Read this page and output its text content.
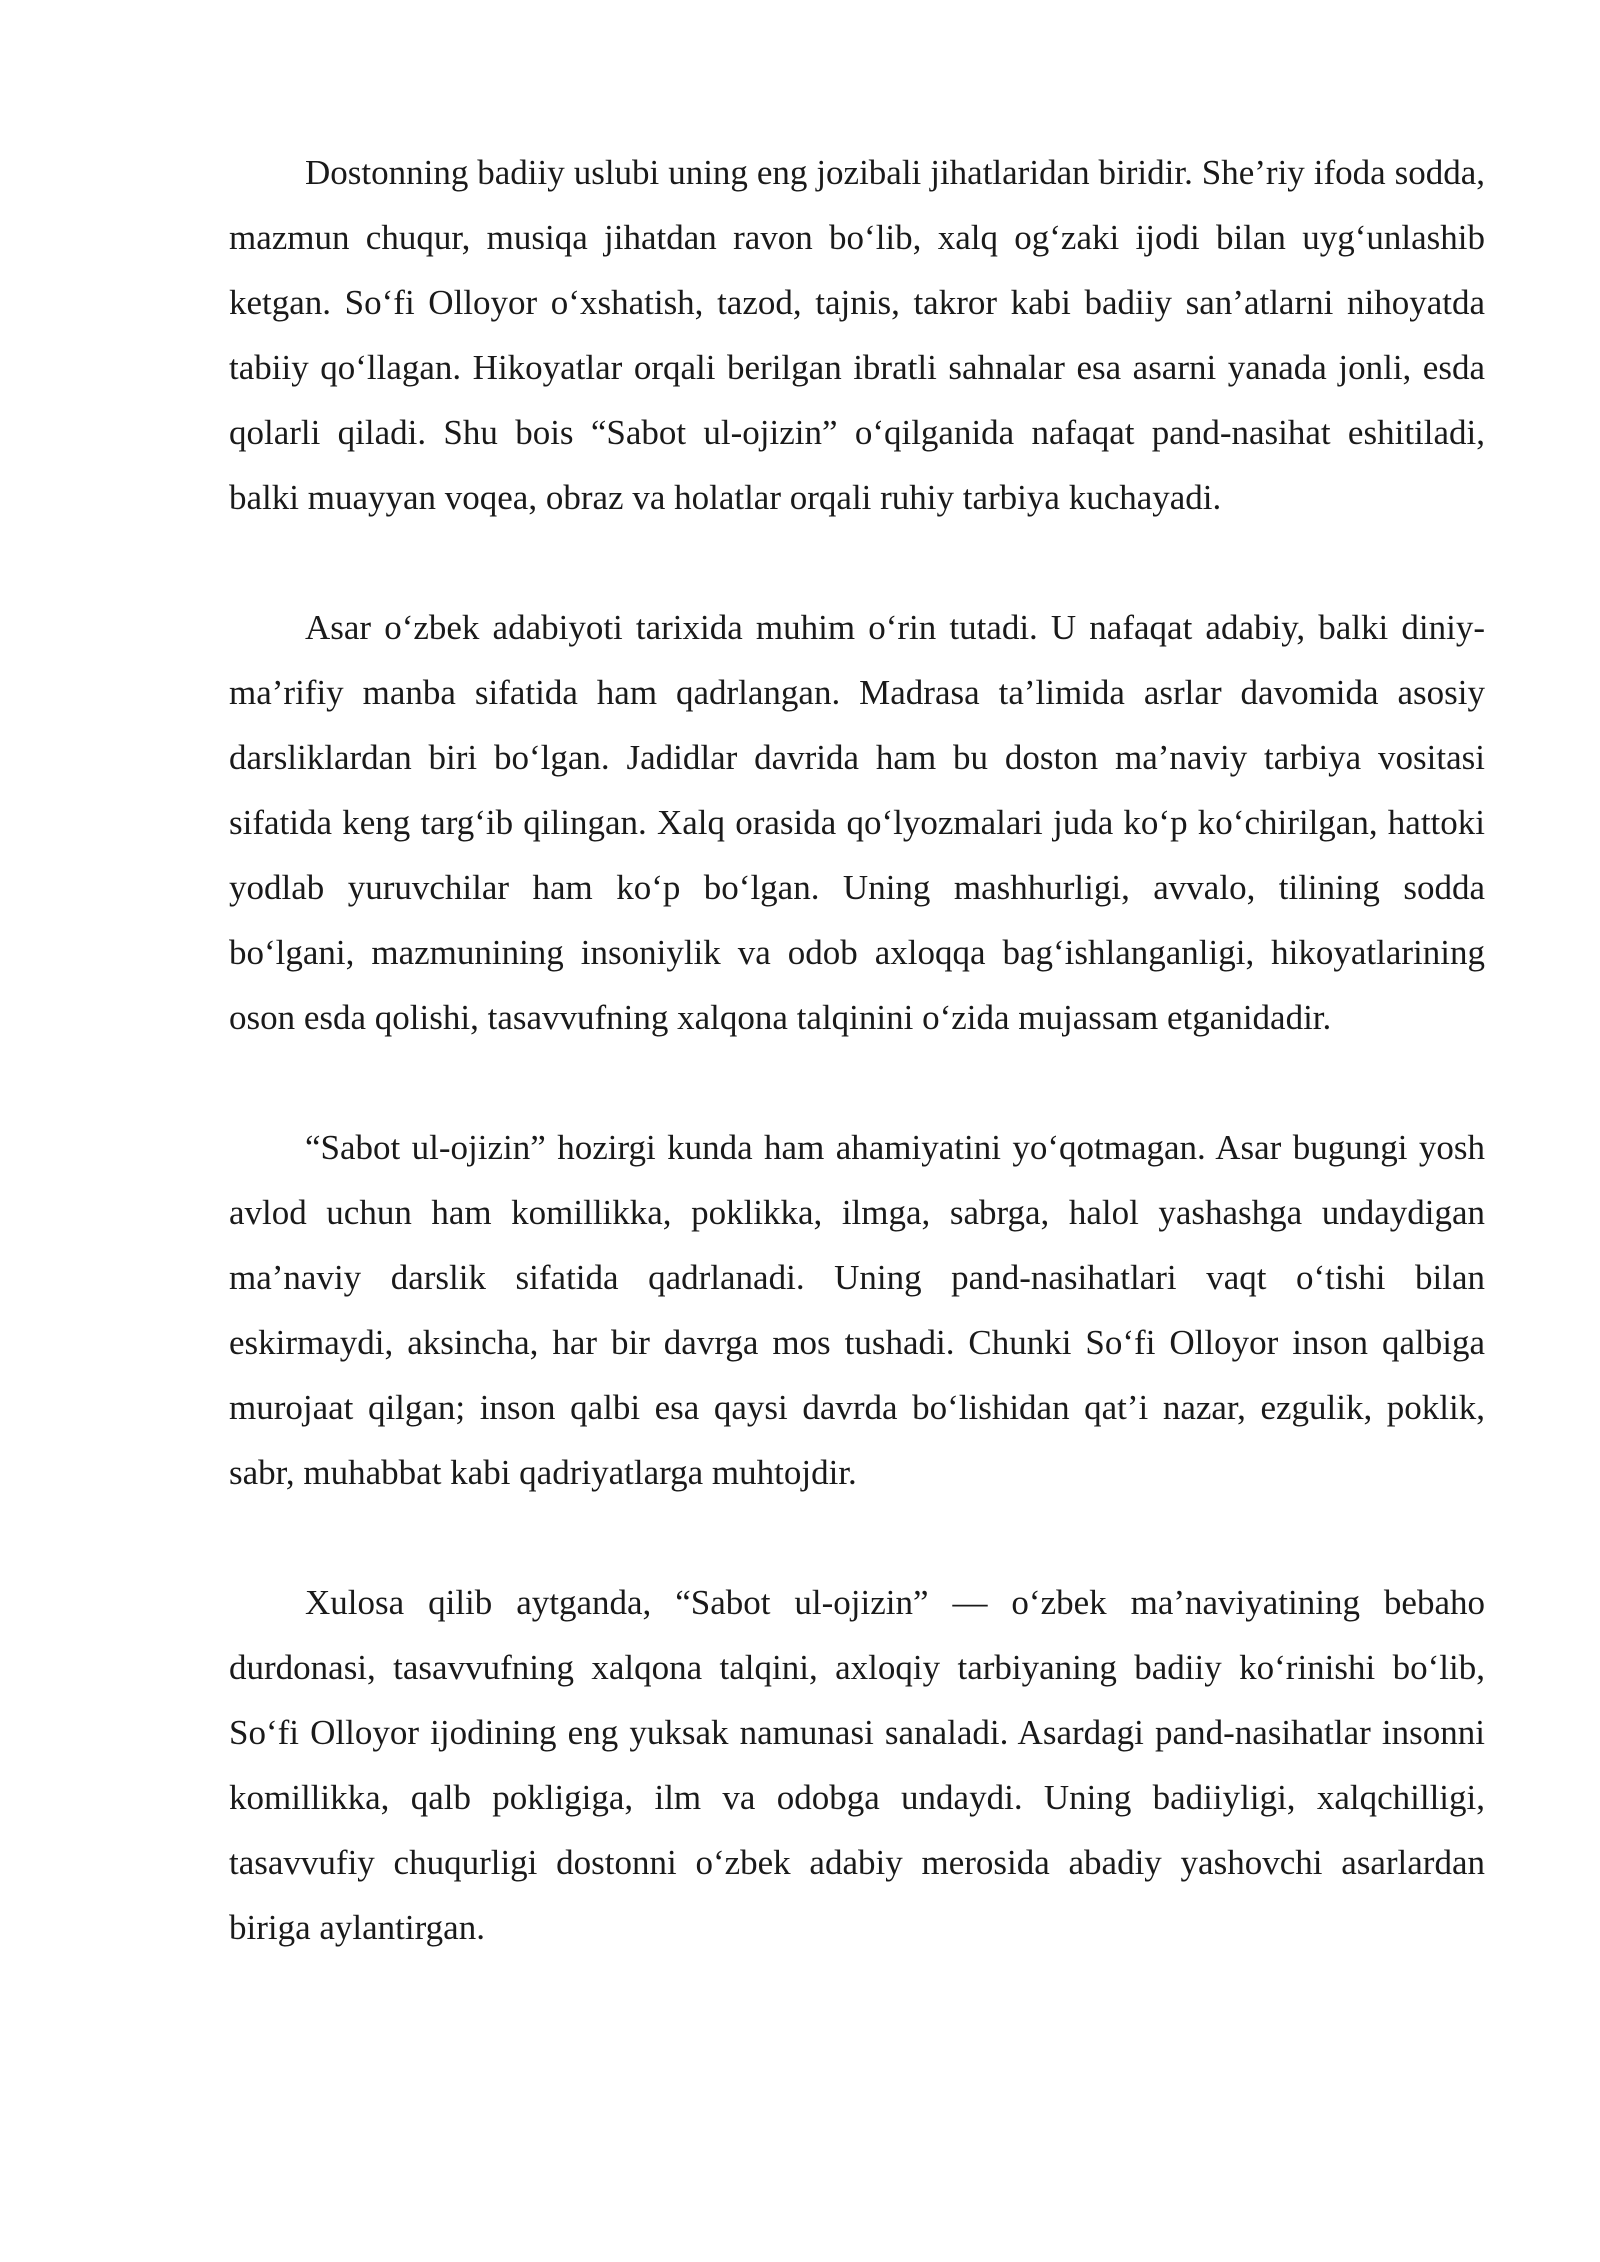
Dostonning badiiy uslubi uning eng jozibali jihatlaridan biridir. She’riy ifoda sodda, mazmun chuqur, musiqa jihatdan ravon bo‘lib, xalq og‘zaki ijodi bilan uyg‘unlashib ketgan. So‘fi Olloyor o‘xshatish, tazod, tajnis, takror kabi badiiy san’atlarni nihoyatda tabiiy qo‘llagan. Hikoyatlar orqali berilgan ibratli sahnalar esa asarni yanada jonli, esda qolarli qiladi. Shu bois “Sabot ul-ojizin” o‘qilganida nafaqat pand-nasihat eshitiladi, balki muayyan voqea, obraz va holatlar orqali ruhiy tarbiya kuchayadi.

Asar o‘zbek adabiyoti tarixida muhim o‘rin tutadi. U nafaqat adabiy, balki diniy-ma’rifiy manba sifatida ham qadrlangan. Madrasa ta’limida asrlar davomida asosiy darsliklardan biri bo‘lgan. Jadidlar davrida ham bu doston ma’naviy tarbiya vositasi sifatida keng targ‘ib qilingan. Xalq orasida qo‘lyozmalari juda ko‘p ko‘chirilgan, hattoki yodlab yuruvchilar ham ko‘p bo‘lgan. Uning mashhurligi, avvalo, tilining sodda bo‘lgani, mazmunining insoniylik va odob axloqqa bag‘ishlanganligi, hikoyatlarining oson esda qolishi, tasavvufning xalqona talqinini o‘zida mujassam etganidadir.

“Sabot ul-ojizin” hozirgi kunda ham ahamiyatini yo‘qotmagan. Asar bugungi yosh avlod uchun ham komillikka, poklikka, ilmga, sabrga, halol yashashga undaydigan ma’naviy darslik sifatida qadrlanadi. Uning pand-nasihatlari vaqt o‘tishi bilan eskirmaydi, aksincha, har bir davrga mos tushadi. Chunki So‘fi Olloyor inson qalbiga murojaat qilgan; inson qalbi esa qaysi davrda bo‘lishidan qat’i nazar, ezgulik, poklik, sabr, muhabbat kabi qadriyatlarga muhtojdir.

Xulosa qilib aytganda, “Sabot ul-ojizin” — o‘zbek ma’naviyatining bebaho durdonasi, tasavvufning xalqona talqini, axloqiy tarbiyaning badiiy ko‘rinishi bo‘lib, So‘fi Olloyor ijodining eng yuksak namunasi sanaladi. Asardagi pand-nasihatlar insonni komillikka, qalb pokligiga, ilm va odobga undaydi. Uning badiiyligi, xalqchilligi, tasavvufiy chuqurligi dostonni o‘zbek adabiy merosida abadiy yashovchi asarlardan biriga aylantirgan.
